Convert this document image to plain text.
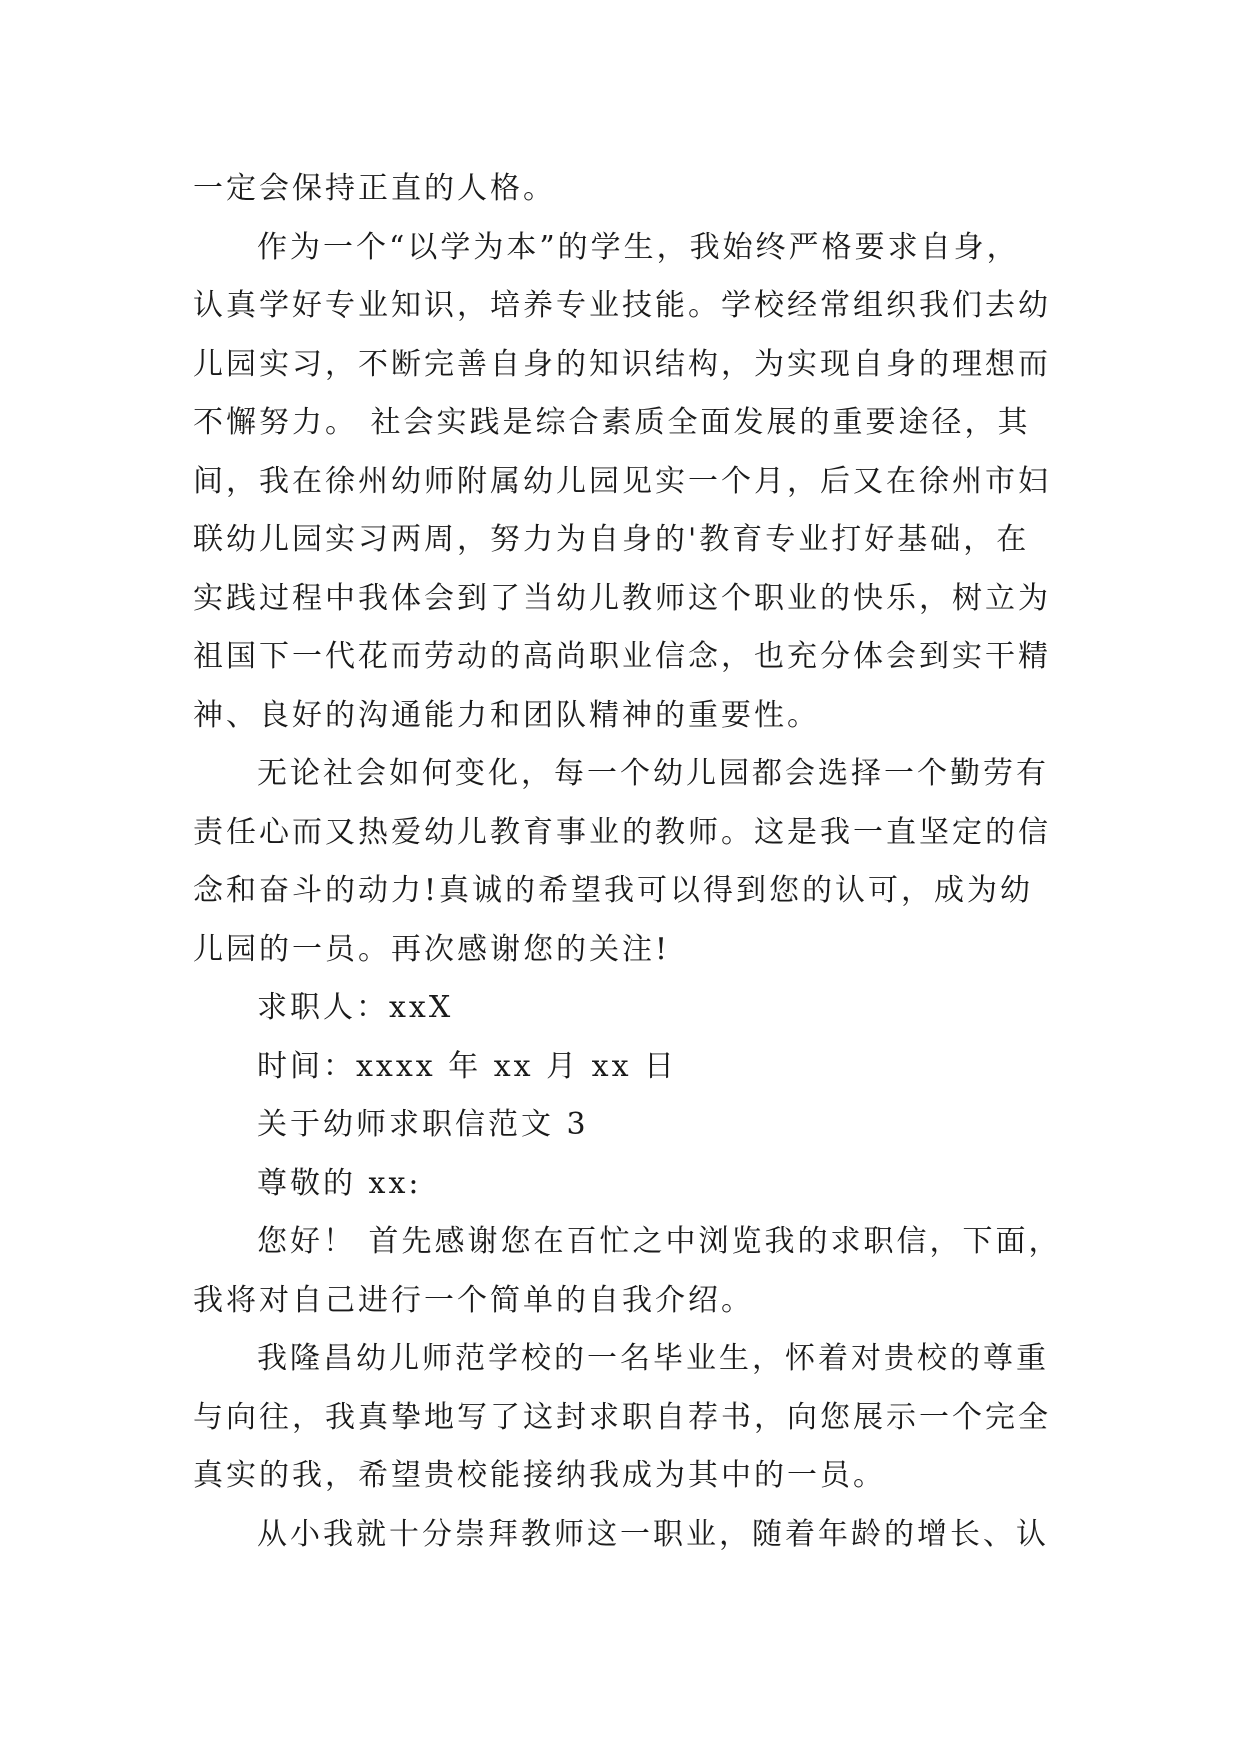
一定会保持正直的人格。
作为一个“以学为本”的学生，我始终严格要求自身，
认真学好专业知识，培养专业技能。学校经常组织我们去幼
儿园实习，不断完善自身的知识结构，为实现自身的理想而
不懈努力。 社会实践是综合素质全面发展的重要途径，其
间，我在徐州幼师附属幼儿园见实一个月，后又在徐州市妇
联幼儿园实习两周，努力为自身的'教育专业打好基础，在
实践过程中我体会到了当幼儿教师这个职业的快乐，树立为
祖国下一代花而劳动的高尚职业信念，也充分体会到实干精
神、良好的沟通能力和团队精神的重要性。
无论社会如何变化，每一个幼儿园都会选择一个勤劳有
责任心而又热爱幼儿教育事业的教师。这是我一直坚定的信
念和奋斗的动力!真诚的希望我可以得到您的认可，成为幼
儿园的一员。再次感谢您的关注!
求职人：xxX
时间：xxxx 年 xx 月 xx 日
关于幼师求职信范文 3
尊敬的 xx:
您好！ 首先感谢您在百忙之中浏览我的求职信，下面，
我将对自己进行一个简单的自我介绍。
我隆昌幼儿师范学校的一名毕业生，怀着对贵校的尊重
与向往，我真挚地写了这封求职自荐书，向您展示一个完全
真实的我，希望贵校能接纳我成为其中的一员。
从小我就十分崇拜教师这一职业，随着年龄的增长、认
